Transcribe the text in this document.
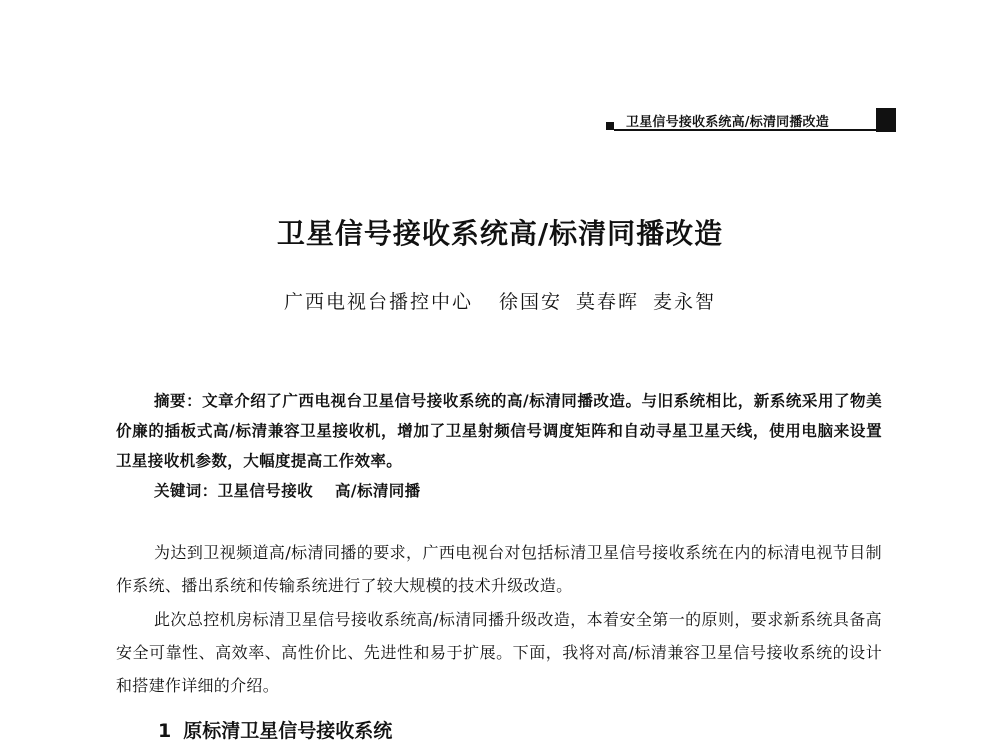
卫星信号接收系统高/标清同播改造
卫星信号接收系统高/标清同播改造
广西电视台播控中心 徐国安 莫春晖 麦永智
摘要：文章介绍了广西电视台卫星信号接收系统的高/标清同播改造。与旧系统相比，新系统采用了物美价廉的插板式高/标清兼容卫星接收机，增加了卫星射频信号调度矩阵和自动寻星卫星天线，使用电脑来设置卫星接收机参数，大幅度提高工作效率。
关键词：卫星信号接收 高/标清同播
为达到卫视频道高/标清同播的要求，广西电视台对包括标清卫星信号接收系统在内的标清电视节目制作系统、播出系统和传输系统进行了较大规模的技术升级改造。
此次总控机房标清卫星信号接收系统高/标清同播升级改造，本着安全第一的原则，要求新系统具备高安全可靠性、高效率、高性价比、先进性和易于扩展。下面，我将对高/标清兼容卫星信号接收系统的设计和搭建作详细的介绍。
1 原标清卫星信号接收系统
